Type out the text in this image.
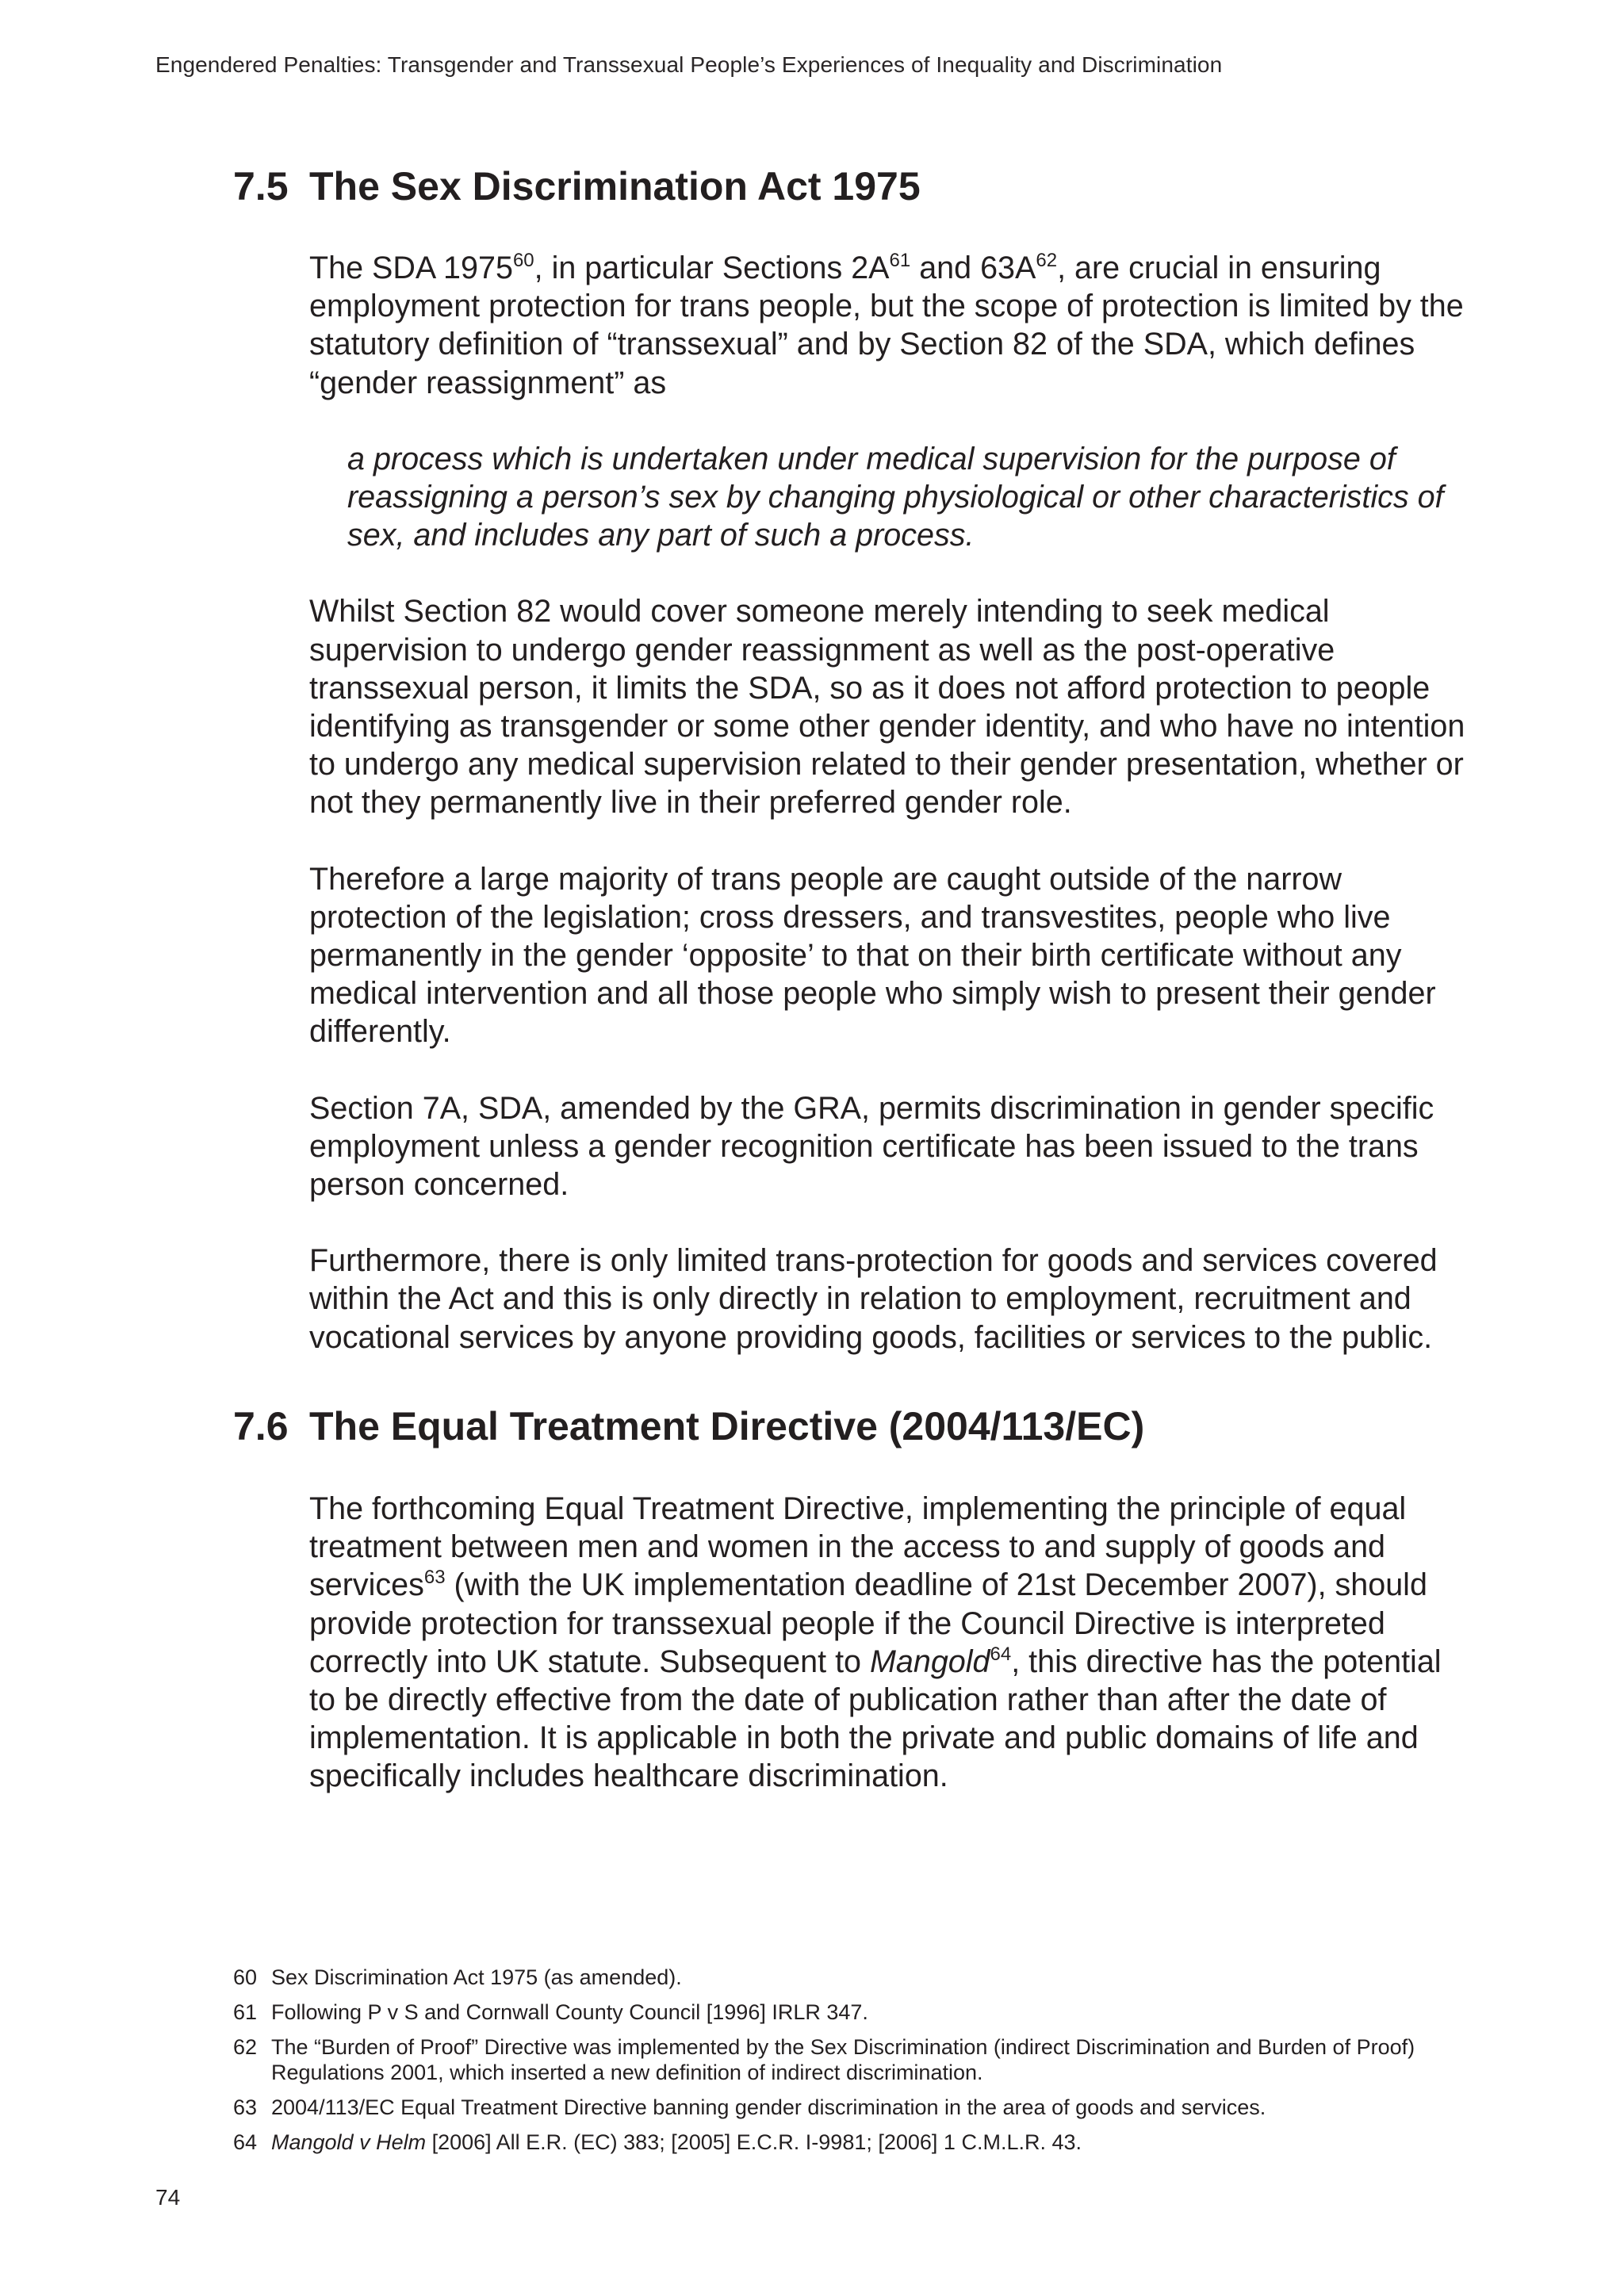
Engendered Penalties: Transgender and Transsexual People’s Experiences of Inequality and Discrimination
7.5 The Sex Discrimination Act 1975

The SDA 1975$^{60}$, in particular Sections $2A^{61}$ and $63A^{62}$, are crucial in ensuring employment protection for trans people, but the scope of protection is limited by the statutory definition of “transsexual” and by Section 82 of the SDA, which defines “gender reassignment” as

a process which is undertaken under medical supervision for the purpose of reassigning a person’s sex by changing physiological or other characteristics of sex, and includes any part of such a process.

Whilst Section 82 would cover someone merely intending to seek medical supervision to undergo gender reassignment as well as the post-operative transsexual person, it limits the SDA, so as it does not afford protection to people identifying as transgender or some other gender identity, and who have no intention to undergo any medical supervision related to their gender presentation, whether or not they permanently live in their preferred gender role.

Therefore a large majority of trans people are caught outside of the narrow protection of the legislation; cross dressers, and transvestites, people who live permanently in the gender ‘opposite’ to that on their birth certificate without any medical intervention and all those people who simply wish to present their gender differently.

Section 7A, SDA, amended by the GRA, permits discrimination in gender specific employment unless a gender recognition certificate has been issued to the trans person concerned.

Furthermore, there is only limited trans-protection for goods and services covered within the Act and this is only directly in relation to employment, recruitment and vocational services by anyone providing goods, facilities or services to the public.

7.6 The Equal Treatment Directive (2004/113/EC)

The forthcoming Equal Treatment Directive, implementing the principle of equal treatment between men and women in the access to and supply of goods and services$^{63}$ (with the UK implementation deadline of 21st December 2007), should provide protection for transsexual people if the Council Directive is interpreted correctly into UK statute. Subsequent to Mangold$^{64}$, this directive has the potential to be directly effective from the date of publication rather than after the date of implementation. It is applicable in both the private and public domains of life and specifically includes healthcare discrimination.

60 Sex Discrimination Act 1975 (as amended).
61 Following P v S and Cornwall County Council [1996] IRLR 347.
62 The “Burden of Proof” Directive was implemented by the Sex Discrimination (indirect Discrimination and Burden of Proof) Regulations 2001, which inserted a new definition of indirect discrimination.
63 2004/113/EC Equal Treatment Directive banning gender discrimination in the area of goods and services.
64 Mangold v Helm [2006] All E.R. (EC) 383; [2005] E.C.R. I-9981; [2006] 1 C.M.L.R. 43.
74
